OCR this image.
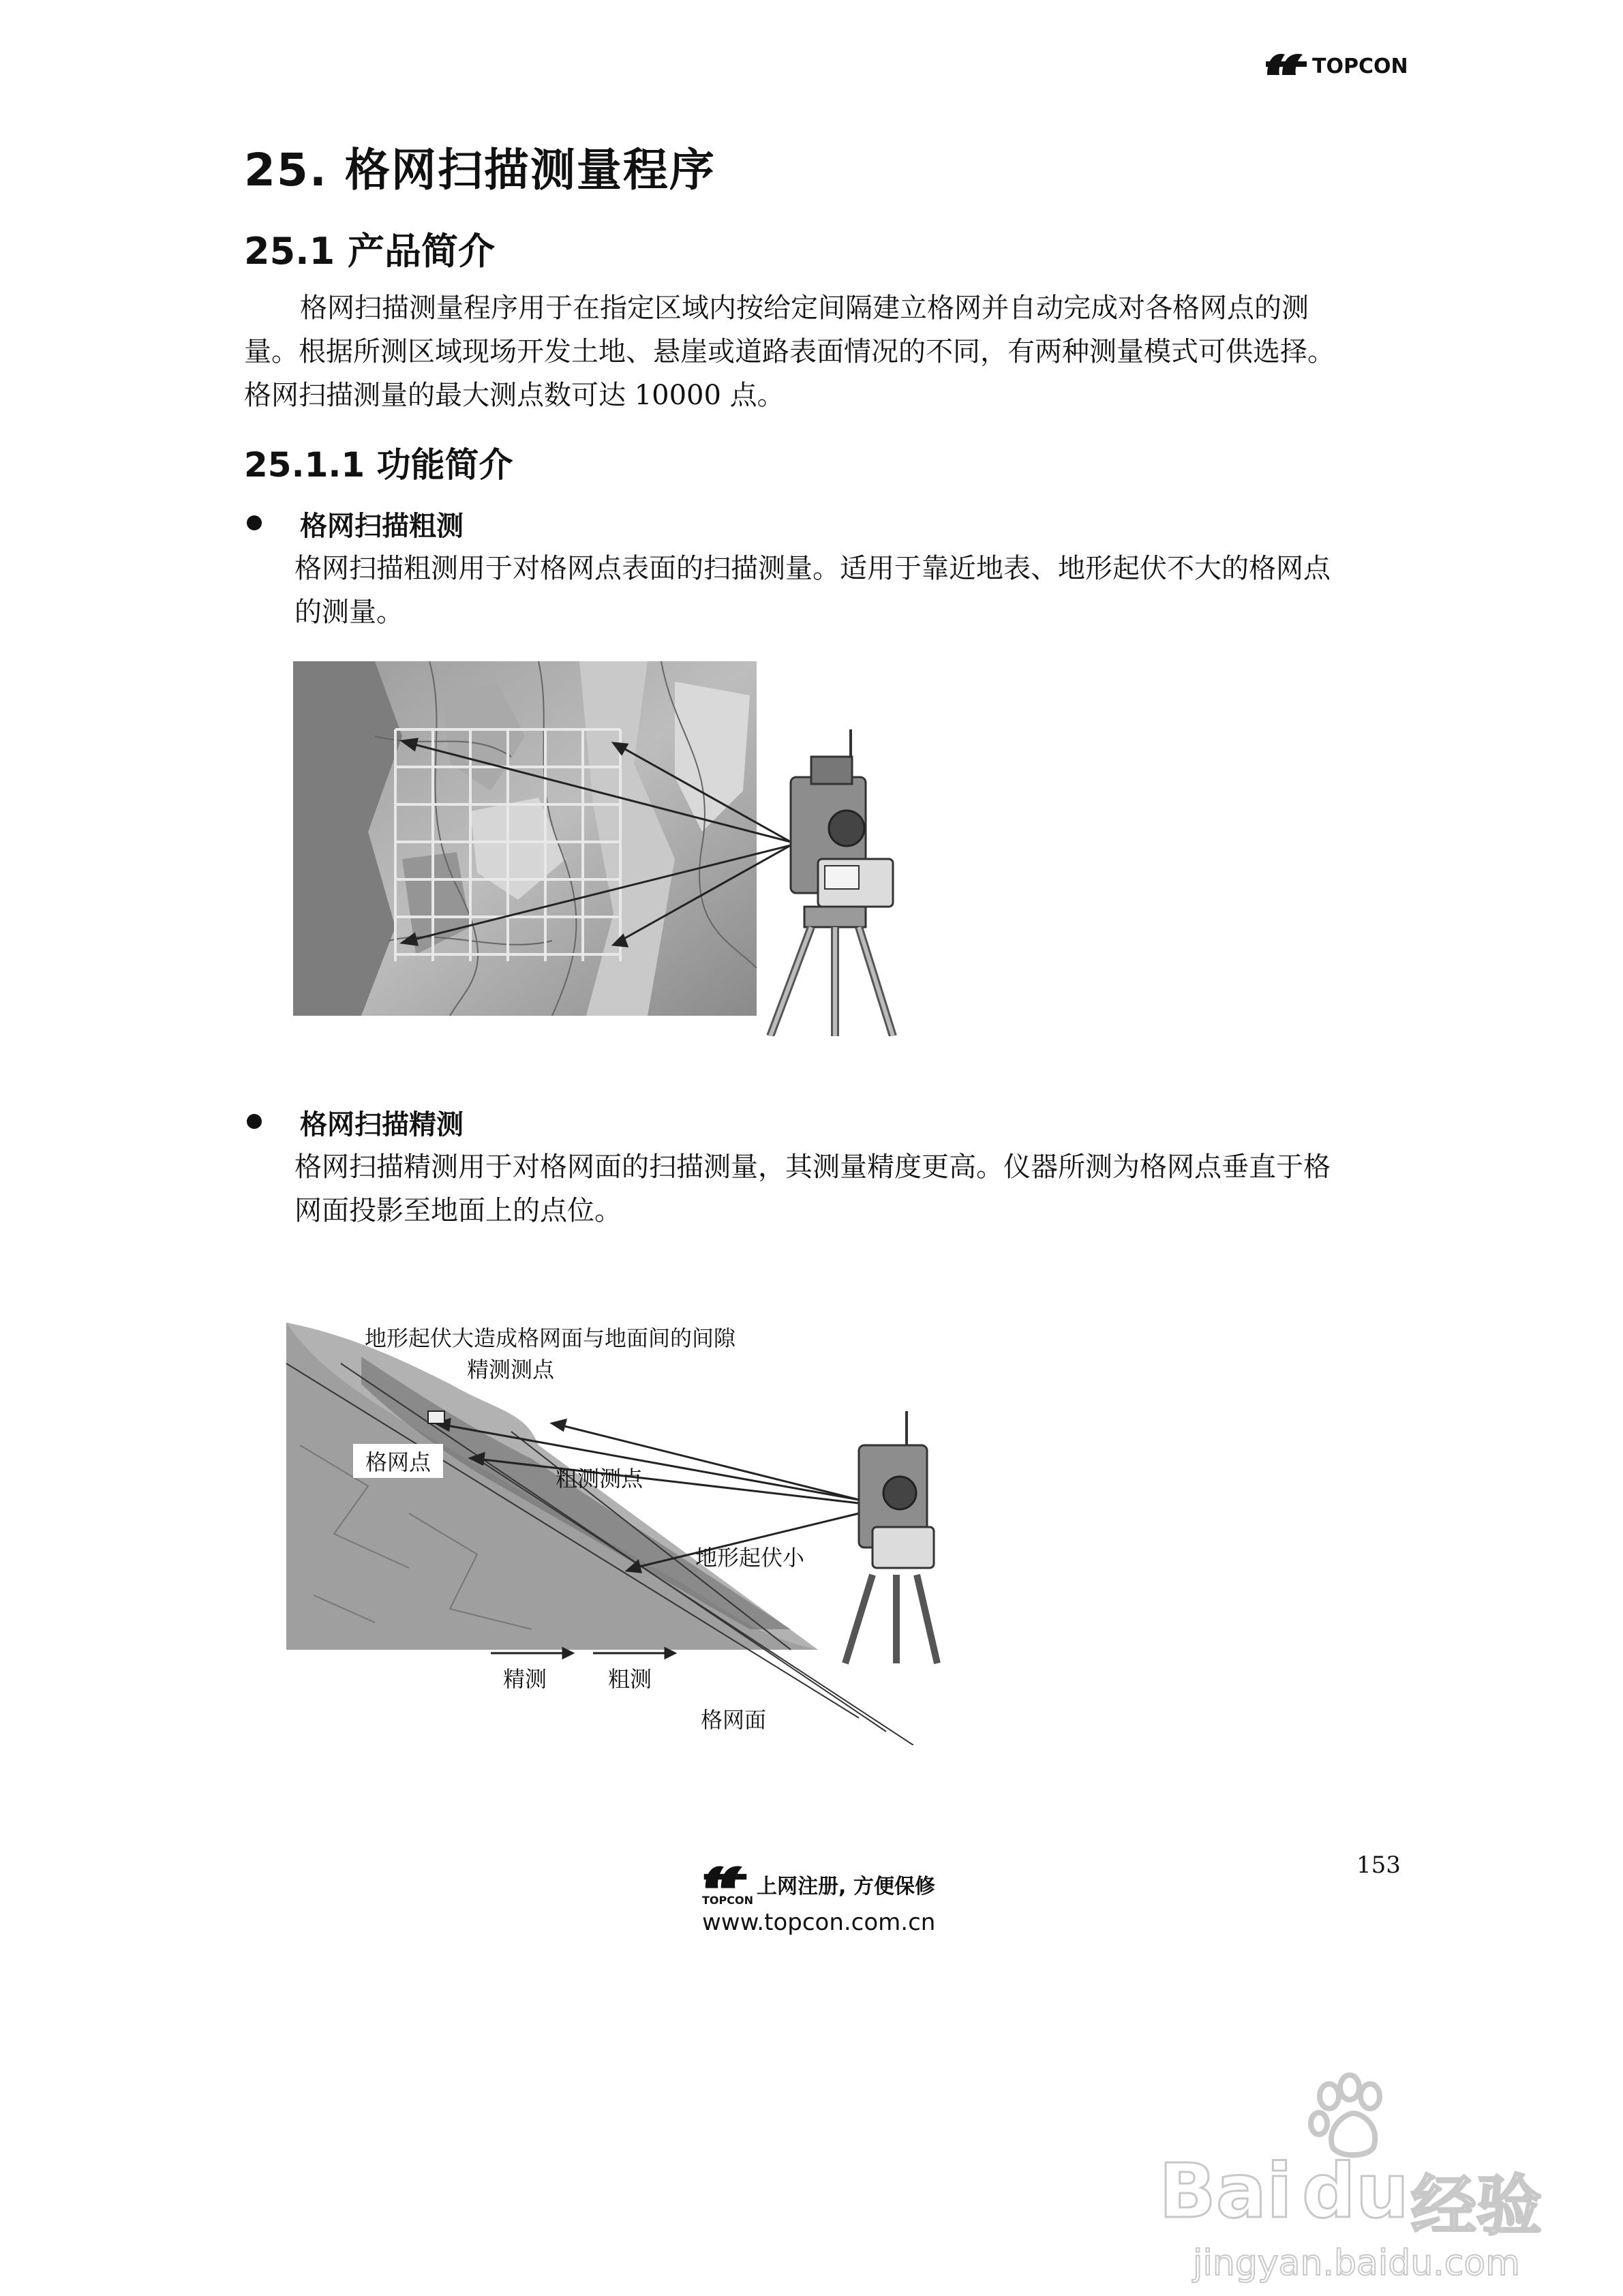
TOPCON
25. 格网扫描测量程序
25.1 产品简介
格网扫描测量程序用于在指定区域内按给定间隔建立格网并自动完成对各格网点的测
量。根据所测区域现场开发土地、悬崖或道路表面情况的不同，有两种测量模式可供选择。
格网扫描测量的最大测点数可达 10000 点。
25.1.1 功能简介
格网扫描粗测
格网扫描粗测用于对格网点表面的扫描测量。适用于靠近地表、地形起伏不大的格网点
的测量。
格网扫描精测
格网扫描精测用于对格网面的扫描测量，其测量精度更高。仪器所测为格网点垂直于格
网面投影至地面上的点位。
地形起伏大造成格网面与地面间的间隙
精测测点
格网点
粗测测点
地形起伏小
精测	粗测
格网面
153
TOPCON
上网注册, 方便保修
www.topcon.com.cn
Bai du 经验
jingyan.baidu.com
